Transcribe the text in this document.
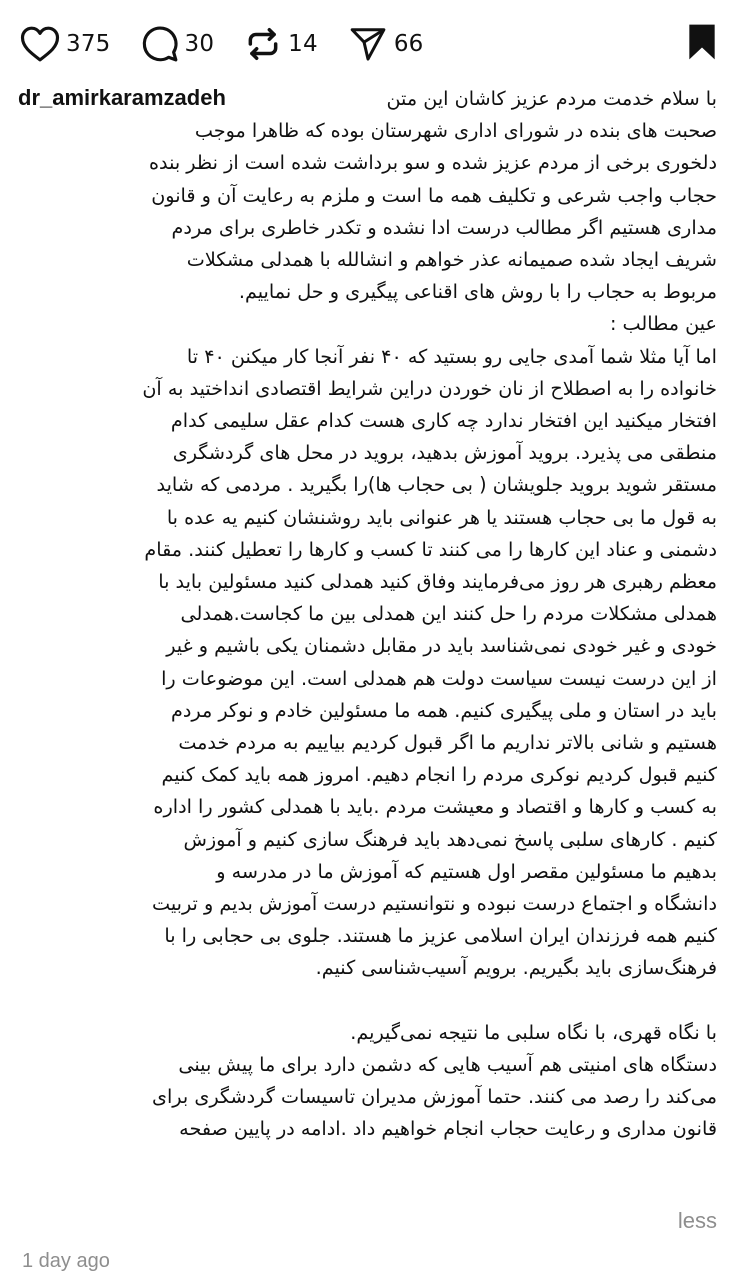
375	30	14	66
با سلام خدمت مردم عزیز کاشان این متن
dr_amirkaramzadeh
صحبت های بنده در شورای اداری شهرستان بوده که ظاهرا موجب
دلخوری برخی از مردم عزیز شده و سو برداشت شده است از نظر بنده
حجاب واجب شرعی و تکلیف همه ما است و ملزم به رعایت آن و قانون
مداری هستیم اگر مطالب درست ادا نشده و تکدر خاطری برای مردم
شریف ایجاد شده صمیمانه عذر خواهم و انشالله با همدلی مشکلات
مربوط به حجاب را با روش های اقناعی پیگیری و حل نماییم.
عین مطالب :
اما آیا مثلا شما آمدی جایی رو بستید که ۴۰ نفر آنجا کار میکنن ۴۰ تا
خانواده را به اصطلاح از نان خوردن دراین شرایط اقتصادی انداختید به آن
افتخار میکنید این افتخار ندارد چه کاری هست کدام عقل سلیمی کدام
منطقی می پذیرد. بروید آموزش بدهید، بروید در محل های گردشگری
مستقر شوید بروید جلویشان ( بی حجاب ها)را بگیرید . مردمی که شاید
به قول ما بی حجاب هستند یا هر عنوانی باید روشنشان کنیم یه عده با
دشمنی و عناد این کارها را می کنند تا کسب و کارها را تعطیل کنند. مقام
معظم رهبری هر روز می‌فرمایند وفاق کنید همدلی کنید مسئولین باید با
همدلی مشکلات مردم را حل کنند این همدلی بین ما کجاست.همدلی
خودی و غیر خودی نمی‌شناسد باید در مقابل دشمنان یکی باشیم و غیر
از این درست نیست سیاست دولت هم همدلی است. این موضوعات را
باید در استان و ملی پیگیری کنیم. همه ما مسئولین خادم و نوکر مردم
هستیم و شانی بالاتر نداریم ما اگر قبول کردیم بیاییم به مردم خدمت
کنیم قبول کردیم نوکری مردم را انجام دهیم. امروز همه باید کمک کنیم
به کسب و کارها و اقتصاد و معیشت مردم .باید با همدلی کشور را اداره
کنیم . کارهای سلبی پاسخ نمی‌دهد باید فرهنگ سازی کنیم و آموزش
بدهیم ما مسئولین مقصر اول هستیم که آموزش ما در مدرسه و
دانشگاه و اجتماع درست نبوده و نتوانستیم درست آموزش بدیم و تربیت
کنیم همه فرزندان ایران اسلامی عزیز ما هستند. جلوی بی حجابی را با
فرهنگ‌سازی باید بگیریم. برویم آسیب‌شناسی کنیم.
با نگاه قهری، با نگاه سلبی ما نتیجه نمی‌گیریم.
دستگاه های امنیتی هم آسیب هایی که دشمن دارد برای ما پیش بینی
می‌کند را رصد می کنند. حتما آموزش مدیران تاسیسات گردشگری برای
قانون مداری و رعایت حجاب انجام خواهیم داد .ادامه در پایین صفحه
less
1 day ago
